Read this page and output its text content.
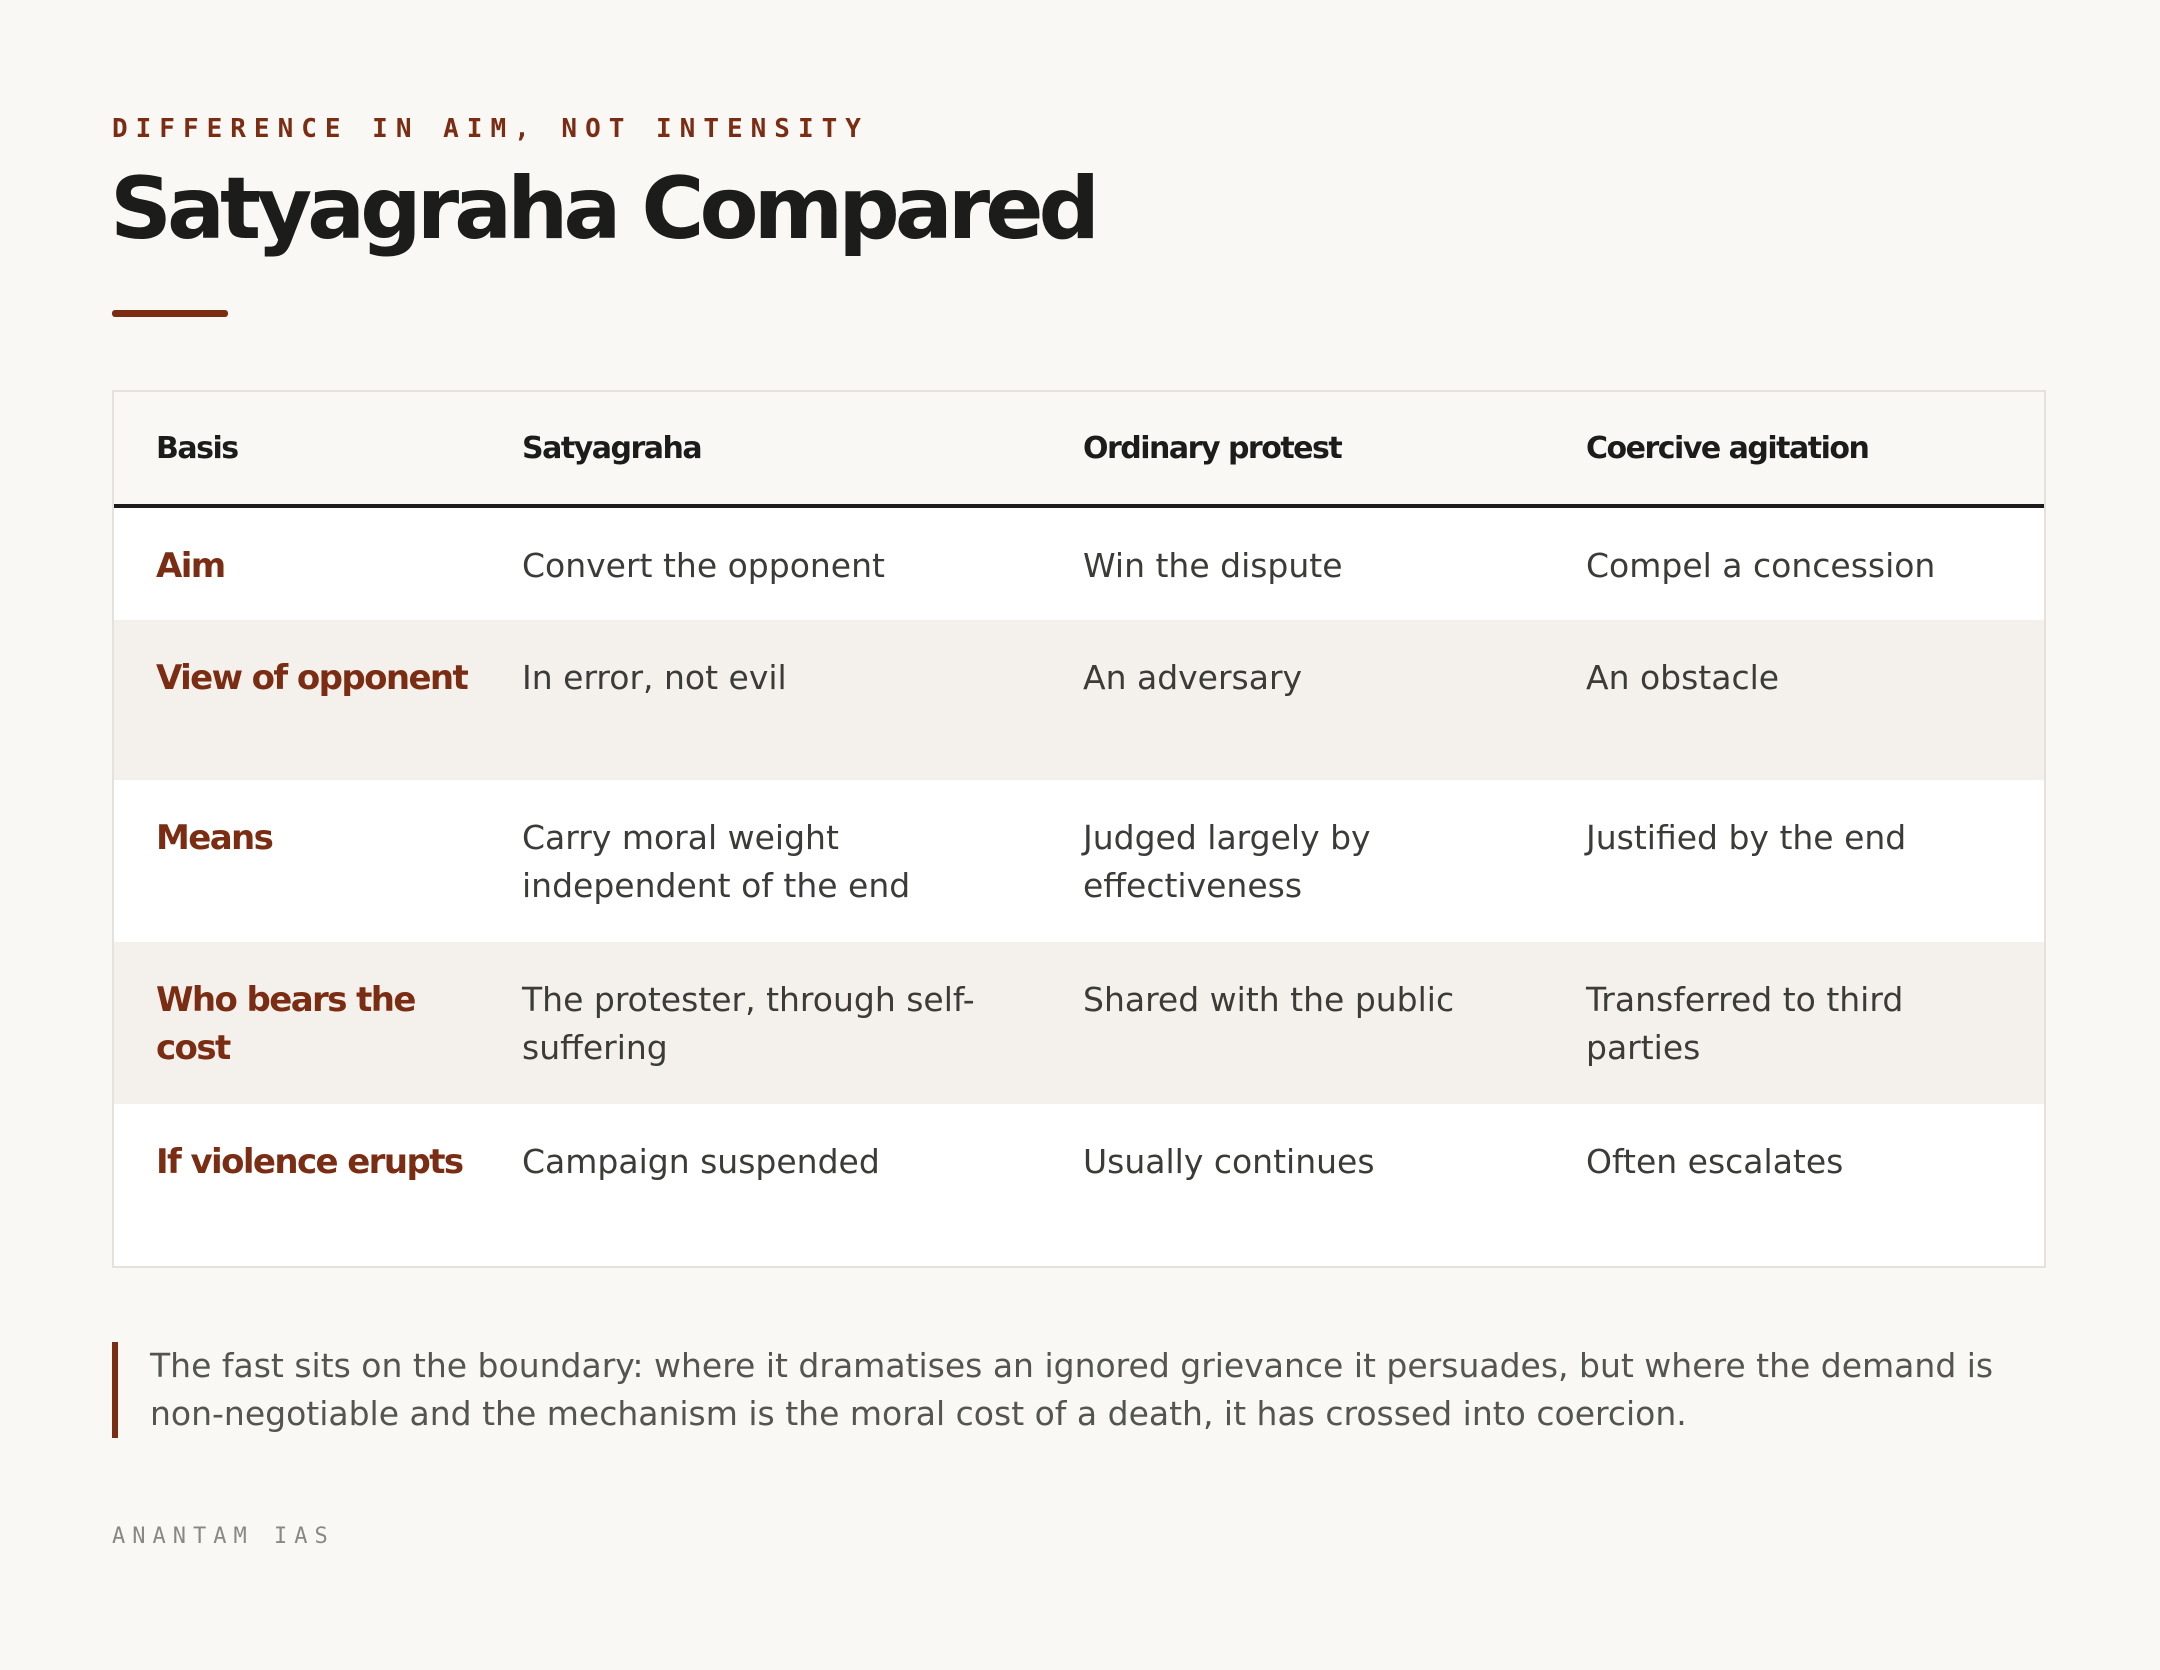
DIFFERENCE IN AIM, NOT INTENSITY
Satyagraha Compared
Basis	Satyagraha	Ordinary protest	Coercive agitation
Aim	Convert the opponent	Win the dispute	Compel a concession
View of opponent	In error, not evil	An adversary	An obstacle
Means	Carry moral weight independent of the end	Judged largely by effectiveness	Justified by the end
Who bears the cost	The protester, through self-suffering	Shared with the public	Transferred to third parties
If violence erupts	Campaign suspended	Usually continues	Often escalates
The fast sits on the boundary: where it dramatises an ignored grievance it persuades, but where the demand is non-negotiable and the mechanism is the moral cost of a death, it has crossed into coercion.
ANANTAM IAS
